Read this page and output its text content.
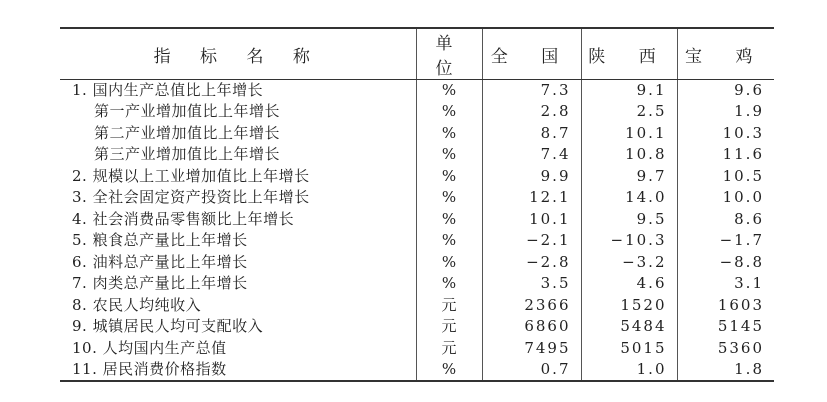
指 标 名 称	单 位	全 国	陕 西	宝 鸡
1. 国内生产总值比上年增长	%	7.3	9.1	9.6
第一产业增加值比上年增长	%	2.8	2.5	1.9
第二产业增加值比上年增长	%	8.7	10.1	10.3
第三产业增加值比上年增长	%	7.4	10.8	11.6
2. 规模以上工业增加值比上年增长	%	9.9	9.7	10.5
3. 全社会固定资产投资比上年增长	%	12.1	14.0	10.0
4. 社会消费品零售额比上年增长	%	10.1	9.5	8.6
5. 粮食总产量比上年增长	%	−2.1	−10.3	−1.7
6. 油料总产量比上年增长	%	−2.8	−3.2	−8.8
7. 肉类总产量比上年增长	%	3.5	4.6	3.1
8. 农民人均纯收入	元	2366	1520	1603
9. 城镇居民人均可支配收入	元	6860	5484	5145
10. 人均国内生产总值	元	7495	5015	5360
11. 居民消费价格指数	%	0.7	1.0	1.8
